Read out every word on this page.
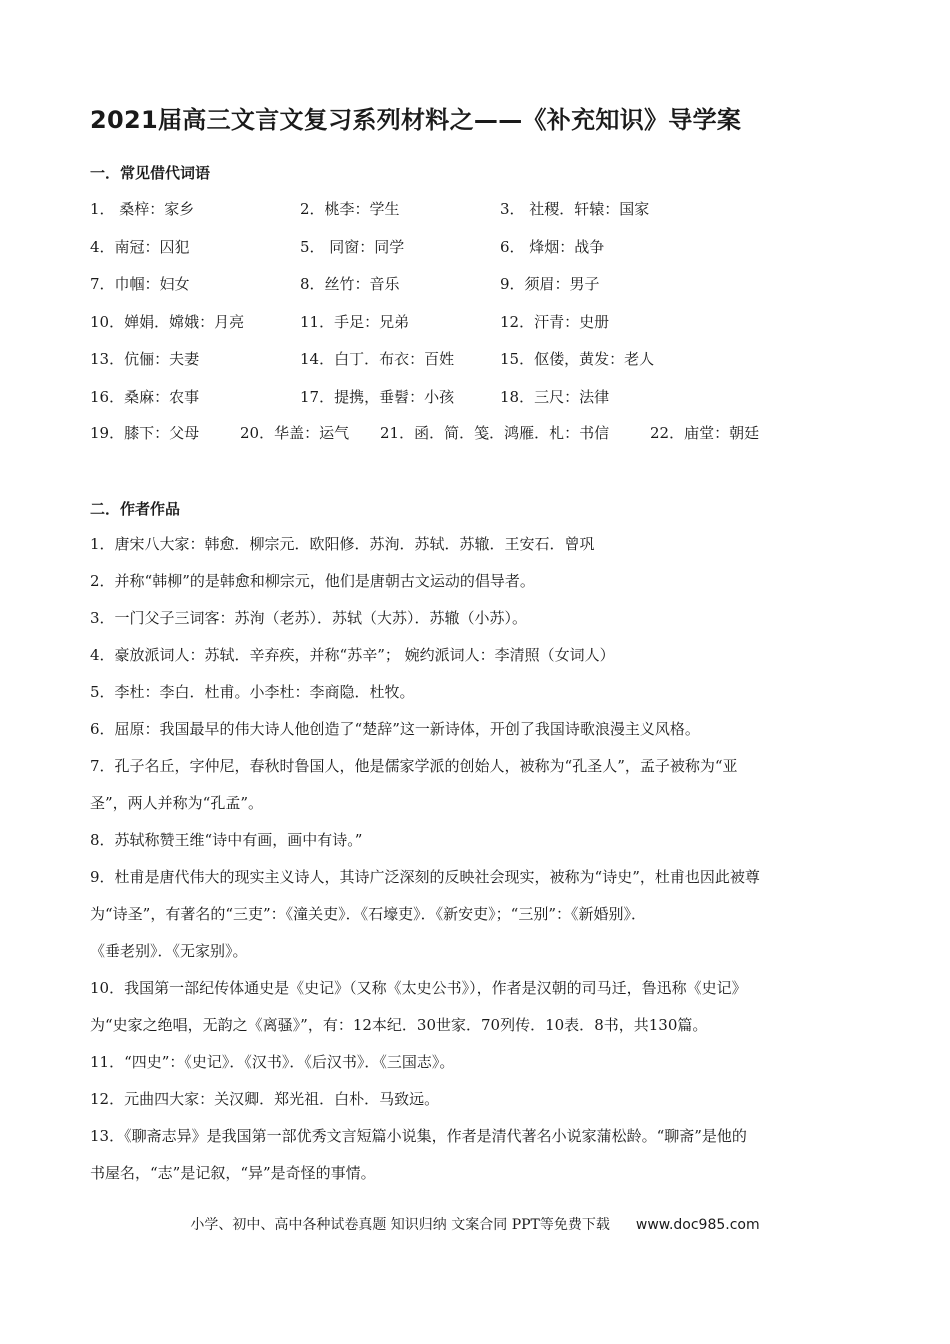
2021届高三文言文复习系列材料之——《补充知识》导学案
一．常见借代词语
1． 桑梓：家乡	2．桃李：学生	3． 社稷．轩辕：国家
4．南冠：囚犯	5． 同窗：同学	6． 烽烟：战争
7．巾帼：妇女	8．丝竹：音乐	9．须眉：男子
10．婵娟．嫦娥：月亮	11．手足：兄弟	12．汗青：史册
13．伉俪：夫妻	14．白丁．布衣：百姓	15．伛偻，黄发：老人
16．桑麻：农事	17．提携，垂髫：小孩	18．三尺：法律
19．膝下：父母	20．华盖：运气 21．函．简．笺．鸿雁．札：书信	22．庙堂：朝廷
二．作者作品
1．唐宋八大家：韩愈．柳宗元．欧阳修．苏洵．苏轼．苏辙．王安石．曾巩
2．并称“韩柳”的是韩愈和柳宗元，他们是唐朝古文运动的倡导者。
3．一门父子三词客：苏洵（老苏）．苏轼（大苏）．苏辙（小苏）。
4．豪放派词人：苏轼．辛弃疾，并称“苏辛”； 婉约派词人：李清照（女词人）
5．李杜：李白．杜甫。小李杜：李商隐．杜牧。
6．屈原：我国最早的伟大诗人他创造了“楚辞”这一新诗体，开创了我国诗歌浪漫主义风格。
7．孔子名丘，字仲尼，春秋时鲁国人，他是儒家学派的创始人，被称为“孔圣人”，孟子被称为“亚
圣”，两人并称为“孔孟”。
8．苏轼称赞王维“诗中有画，画中有诗。”
9．杜甫是唐代伟大的现实主义诗人，其诗广泛深刻的反映社会现实，被称为“诗史”，杜甫也因此被尊
为“诗圣”，有著名的“三吏”：《潼关吏》．《石壕吏》．《新安吏》；“三别”：《新婚别》．
《垂老别》．《无家别》。
10．我国第一部纪传体通史是《史记》（又称《太史公书》），作者是汉朝的司马迁，鲁迅称《史记》
为“史家之绝唱，无韵之《离骚》”，有：12本纪．30世家．70列传．10表．8书，共130篇。
11．“四史”：《史记》．《汉书》．《后汉书》．《三国志》。
12．元曲四大家：关汉卿．郑光祖．白朴．马致远。
13．《聊斋志异》是我国第一部优秀文言短篇小说集，作者是清代著名小说家蒲松龄。“聊斋”是他的
书屋名，“志”是记叙，“异”是奇怪的事情。
小学、初中、高中各种试卷真题 知识归纳 文案合同 PPT等免费下载 www.doc985.com
